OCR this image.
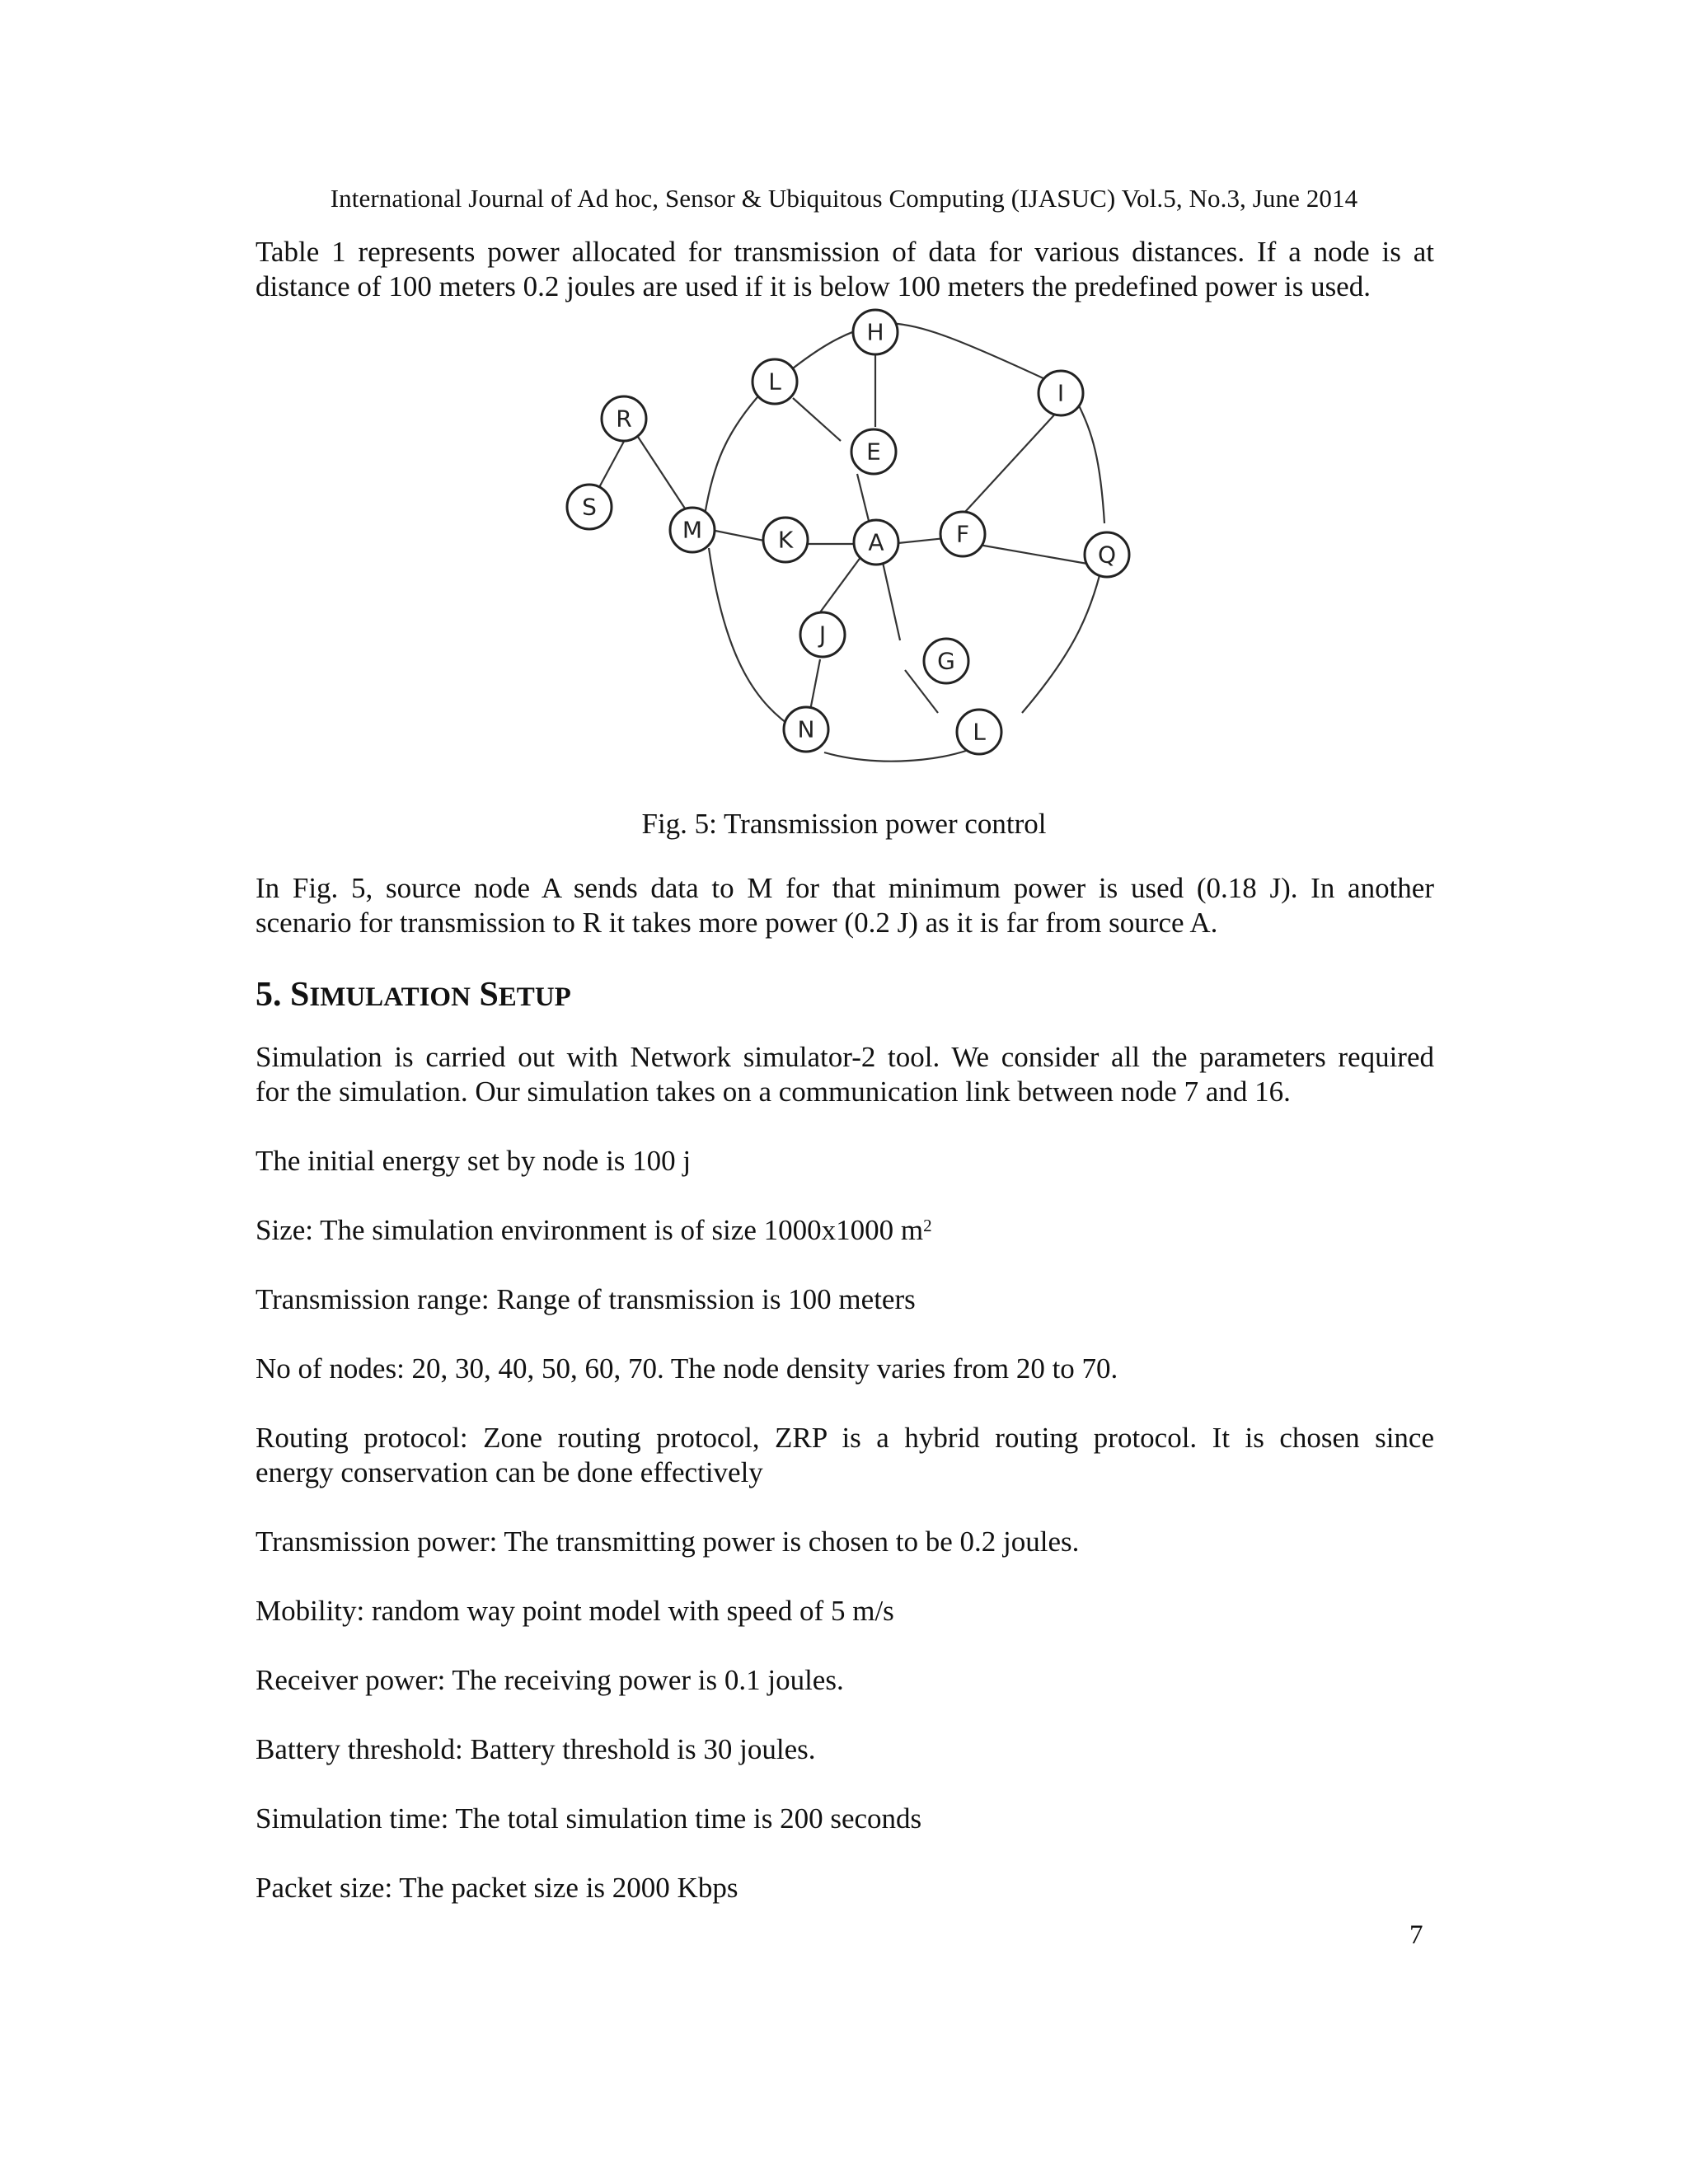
International Journal of Ad hoc, Sensor & Ubiquitous Computing (IJASUC) Vol.5, No.3, June 2014
Table 1 represents power allocated for transmission of data for various distances. If a node is at
distance of 100 meters 0.2 joules are used if it is below 100 meters the predefined power is used.
H
L	I
R
E
S
M	K	A	F
Q
J
G
N	L
Fig. 5: Transmission power control
In Fig. 5, source node A sends data to M for that minimum power is used (0.18 J). In another
scenario for transmission to R it takes more power (0.2 J) as it is far from source A.
5. SIMULATION SETUP
Simulation is carried out with Network simulator-2 tool. We consider all the parameters required
for the simulation. Our simulation takes on a communication link between node 7 and 16.
The initial energy set by node is 100 j
Size: The simulation environment is of size 1000x1000 $m^2$
Transmission range: Range of transmission is 100 meters
No of nodes: 20, 30, 40, 50, 60, 70. The node density varies from 20 to 70.
Routing protocol: Zone routing protocol, ZRP is a hybrid routing protocol. It is chosen since
energy conservation can be done effectively
Transmission power: The transmitting power is chosen to be 0.2 joules.
Mobility: random way point model with speed of 5 m/s
Receiver power: The receiving power is 0.1 joules.
Battery threshold: Battery threshold is 30 joules.
Simulation time: The total simulation time is 200 seconds
Packet size: The packet size is 2000 Kbps
7
